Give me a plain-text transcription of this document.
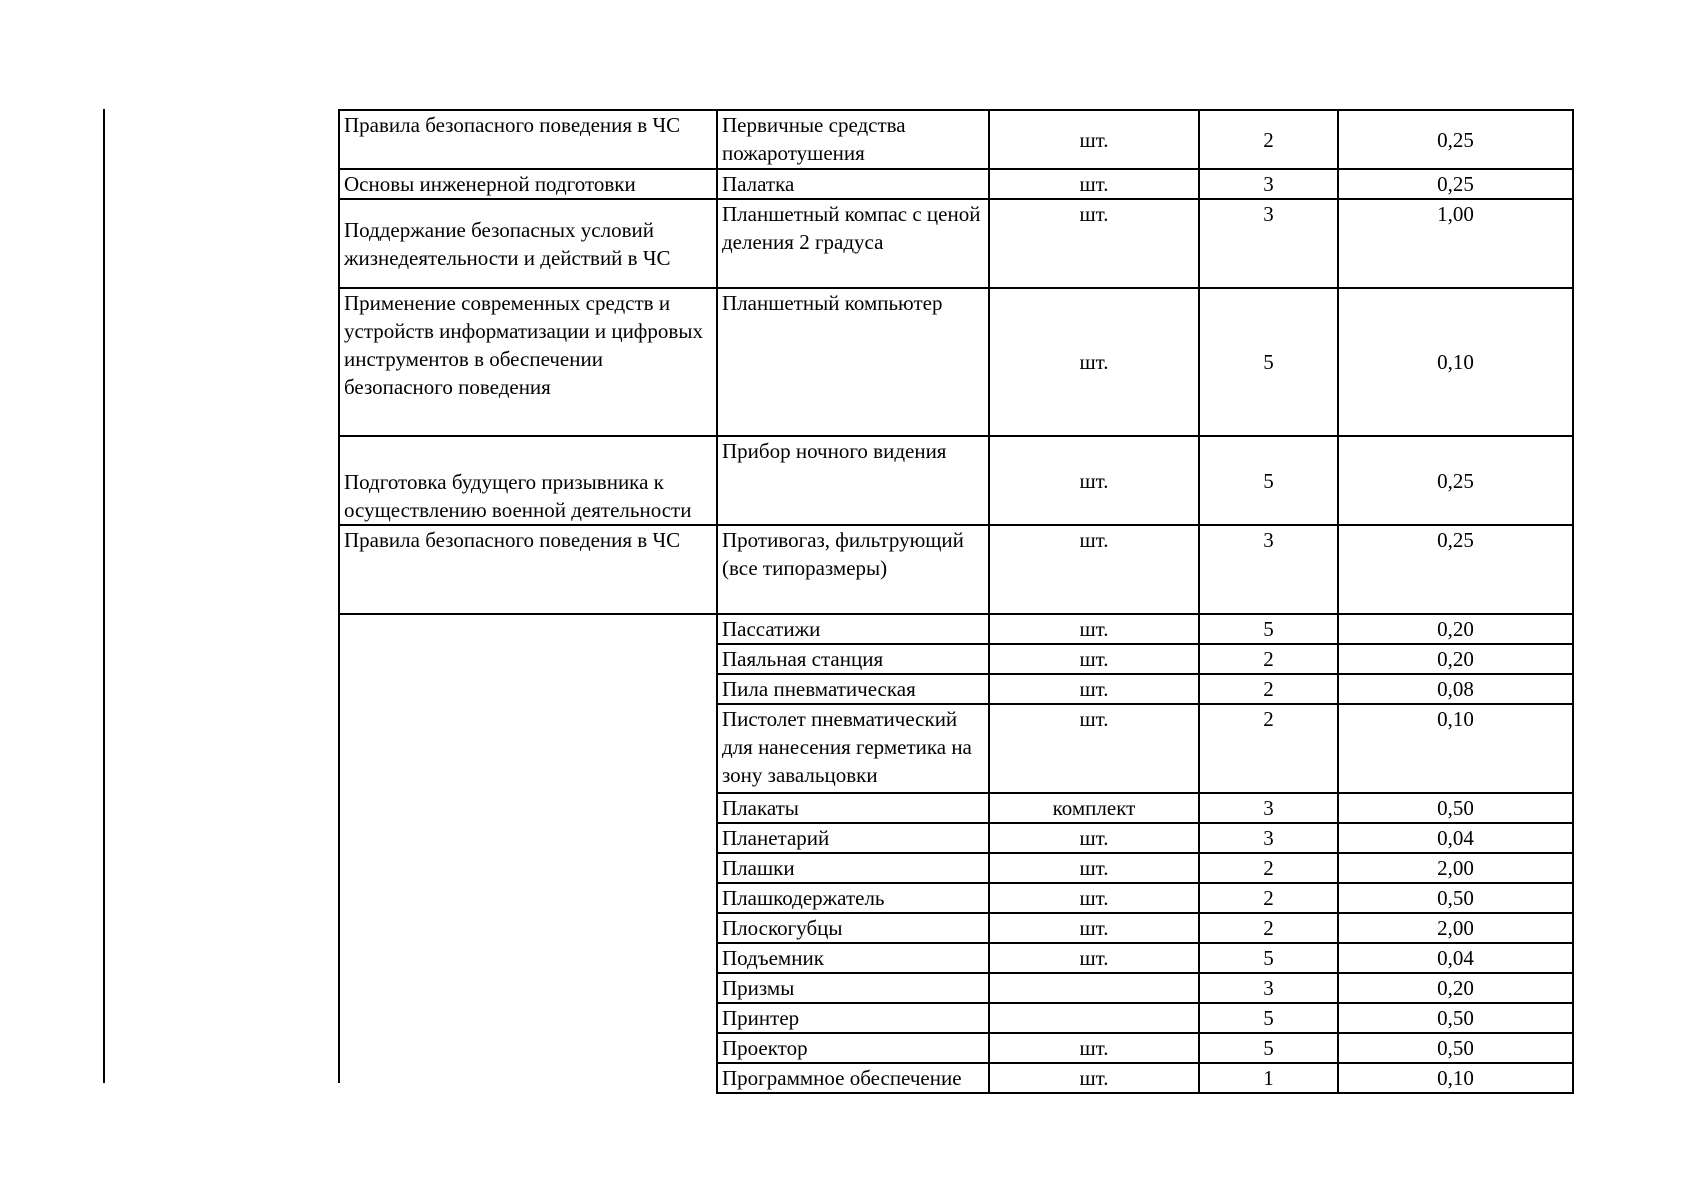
Правила безопасного поведения в ЧС	Первичные средства пожаротушения	шт.	2	0,25
Основы инженерной подготовки	Палатка	шт.	3	0,25
Поддержание безопасных условий жизнедеятельности и действий в ЧС	Планшетный компас с ценой деления 2 градуса	шт.	3	1,00
Применение современных средств и устройств информатизации и цифровых инструментов в обеспечении безопасного поведения	Планшетный компьютер	шт.	5	0,10
Подготовка будущего призывника к осуществлению военной деятельности	Прибор ночного видения	шт.	5	0,25
Правила безопасного поведения в ЧС	Противогаз, фильтрующий (все типоразмеры)	шт.	3	0,25
	Пассатижи	шт.	5	0,20
	Паяльная станция	шт.	2	0,20
	Пила пневматическая	шт.	2	0,08
	Пистолет пневматический для нанесения герметика на зону завальцовки	шт.	2	0,10
	Плакаты	комплект	3	0,50
	Планетарий	шт.	3	0,04
	Плашки	шт.	2	2,00
	Плашкодержатель	шт.	2	0,50
	Плоскогубцы	шт.	2	2,00
	Подъемник	шт.	5	0,04
	Призмы		3	0,20
	Принтер		5	0,50
	Проектор	шт.	5	0,50
	Программное обеспечение	шт.	1	0,10
